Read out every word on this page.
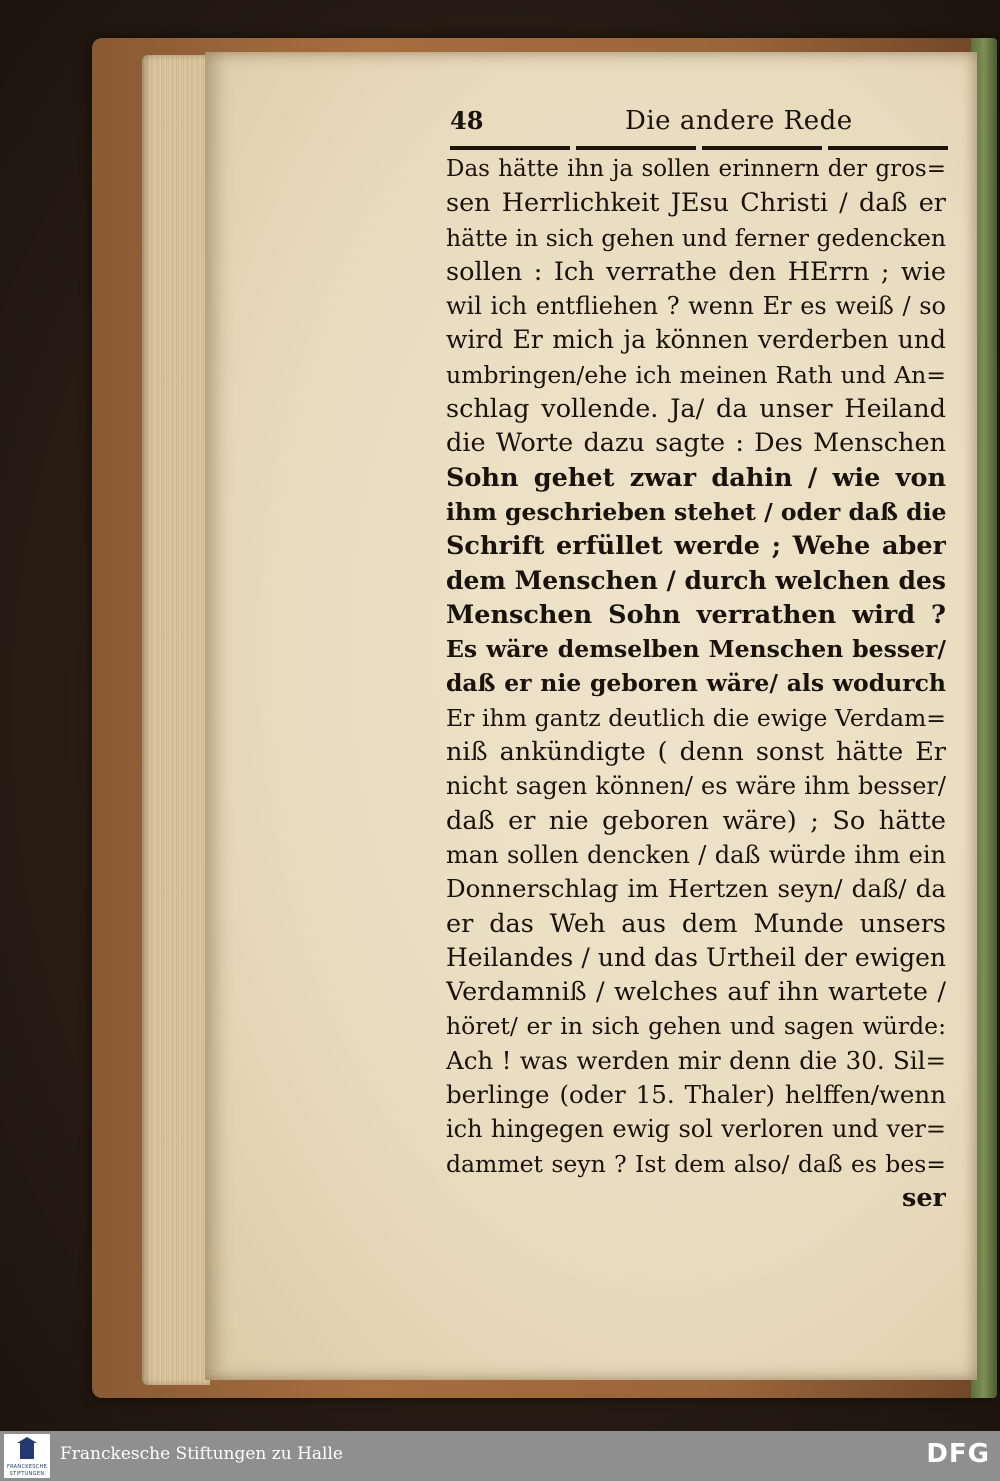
48	Die andere Rede
Das hätte ihn ja sollen erinnern der gros=
sen Herrlichkeit JEsu Christi / daß er
hätte in sich gehen und ferner gedencken
sollen : Ich verrathe den HErrn ; wie
wil ich entfliehen ? wenn Er es weiß / so
wird Er mich ja können verderben und
umbringen/ehe ich meinen Rath und An=
schlag vollende. Ja/ da unser Heiland
die Worte dazu sagte : Des Menschen
Sohn gehet zwar dahin / wie von
ihm geschrieben stehet / oder daß die
Schrift erfüllet werde ; Wehe aber
dem Menschen / durch welchen des
Menschen Sohn verrathen wird ?
Es wäre demselben Menschen besser/
daß er nie geboren wäre/ als wodurch
Er ihm gantz deutlich die ewige Verdam=
niß ankündigte ( denn sonst hätte Er
nicht sagen können/ es wäre ihm besser/
daß er nie geboren wäre) ; So hätte
man sollen dencken / daß würde ihm ein
Donnerschlag im Hertzen seyn/ daß/ da
er das Weh aus dem Munde unsers
Heilandes / und das Urtheil der ewigen
Verdamniß / welches auf ihn wartete /
höret/ er in sich gehen und sagen würde:
Ach ! was werden mir denn die 30. Sil=
berlinge (oder 15. Thaler) helffen/wenn
ich hingegen ewig sol verloren und ver=
dammet seyn ? Ist dem also/ daß es bes=
ser
FRANCKESCHE
STIFTUNGEN
Franckesche Stiftungen zu Halle	DFG
